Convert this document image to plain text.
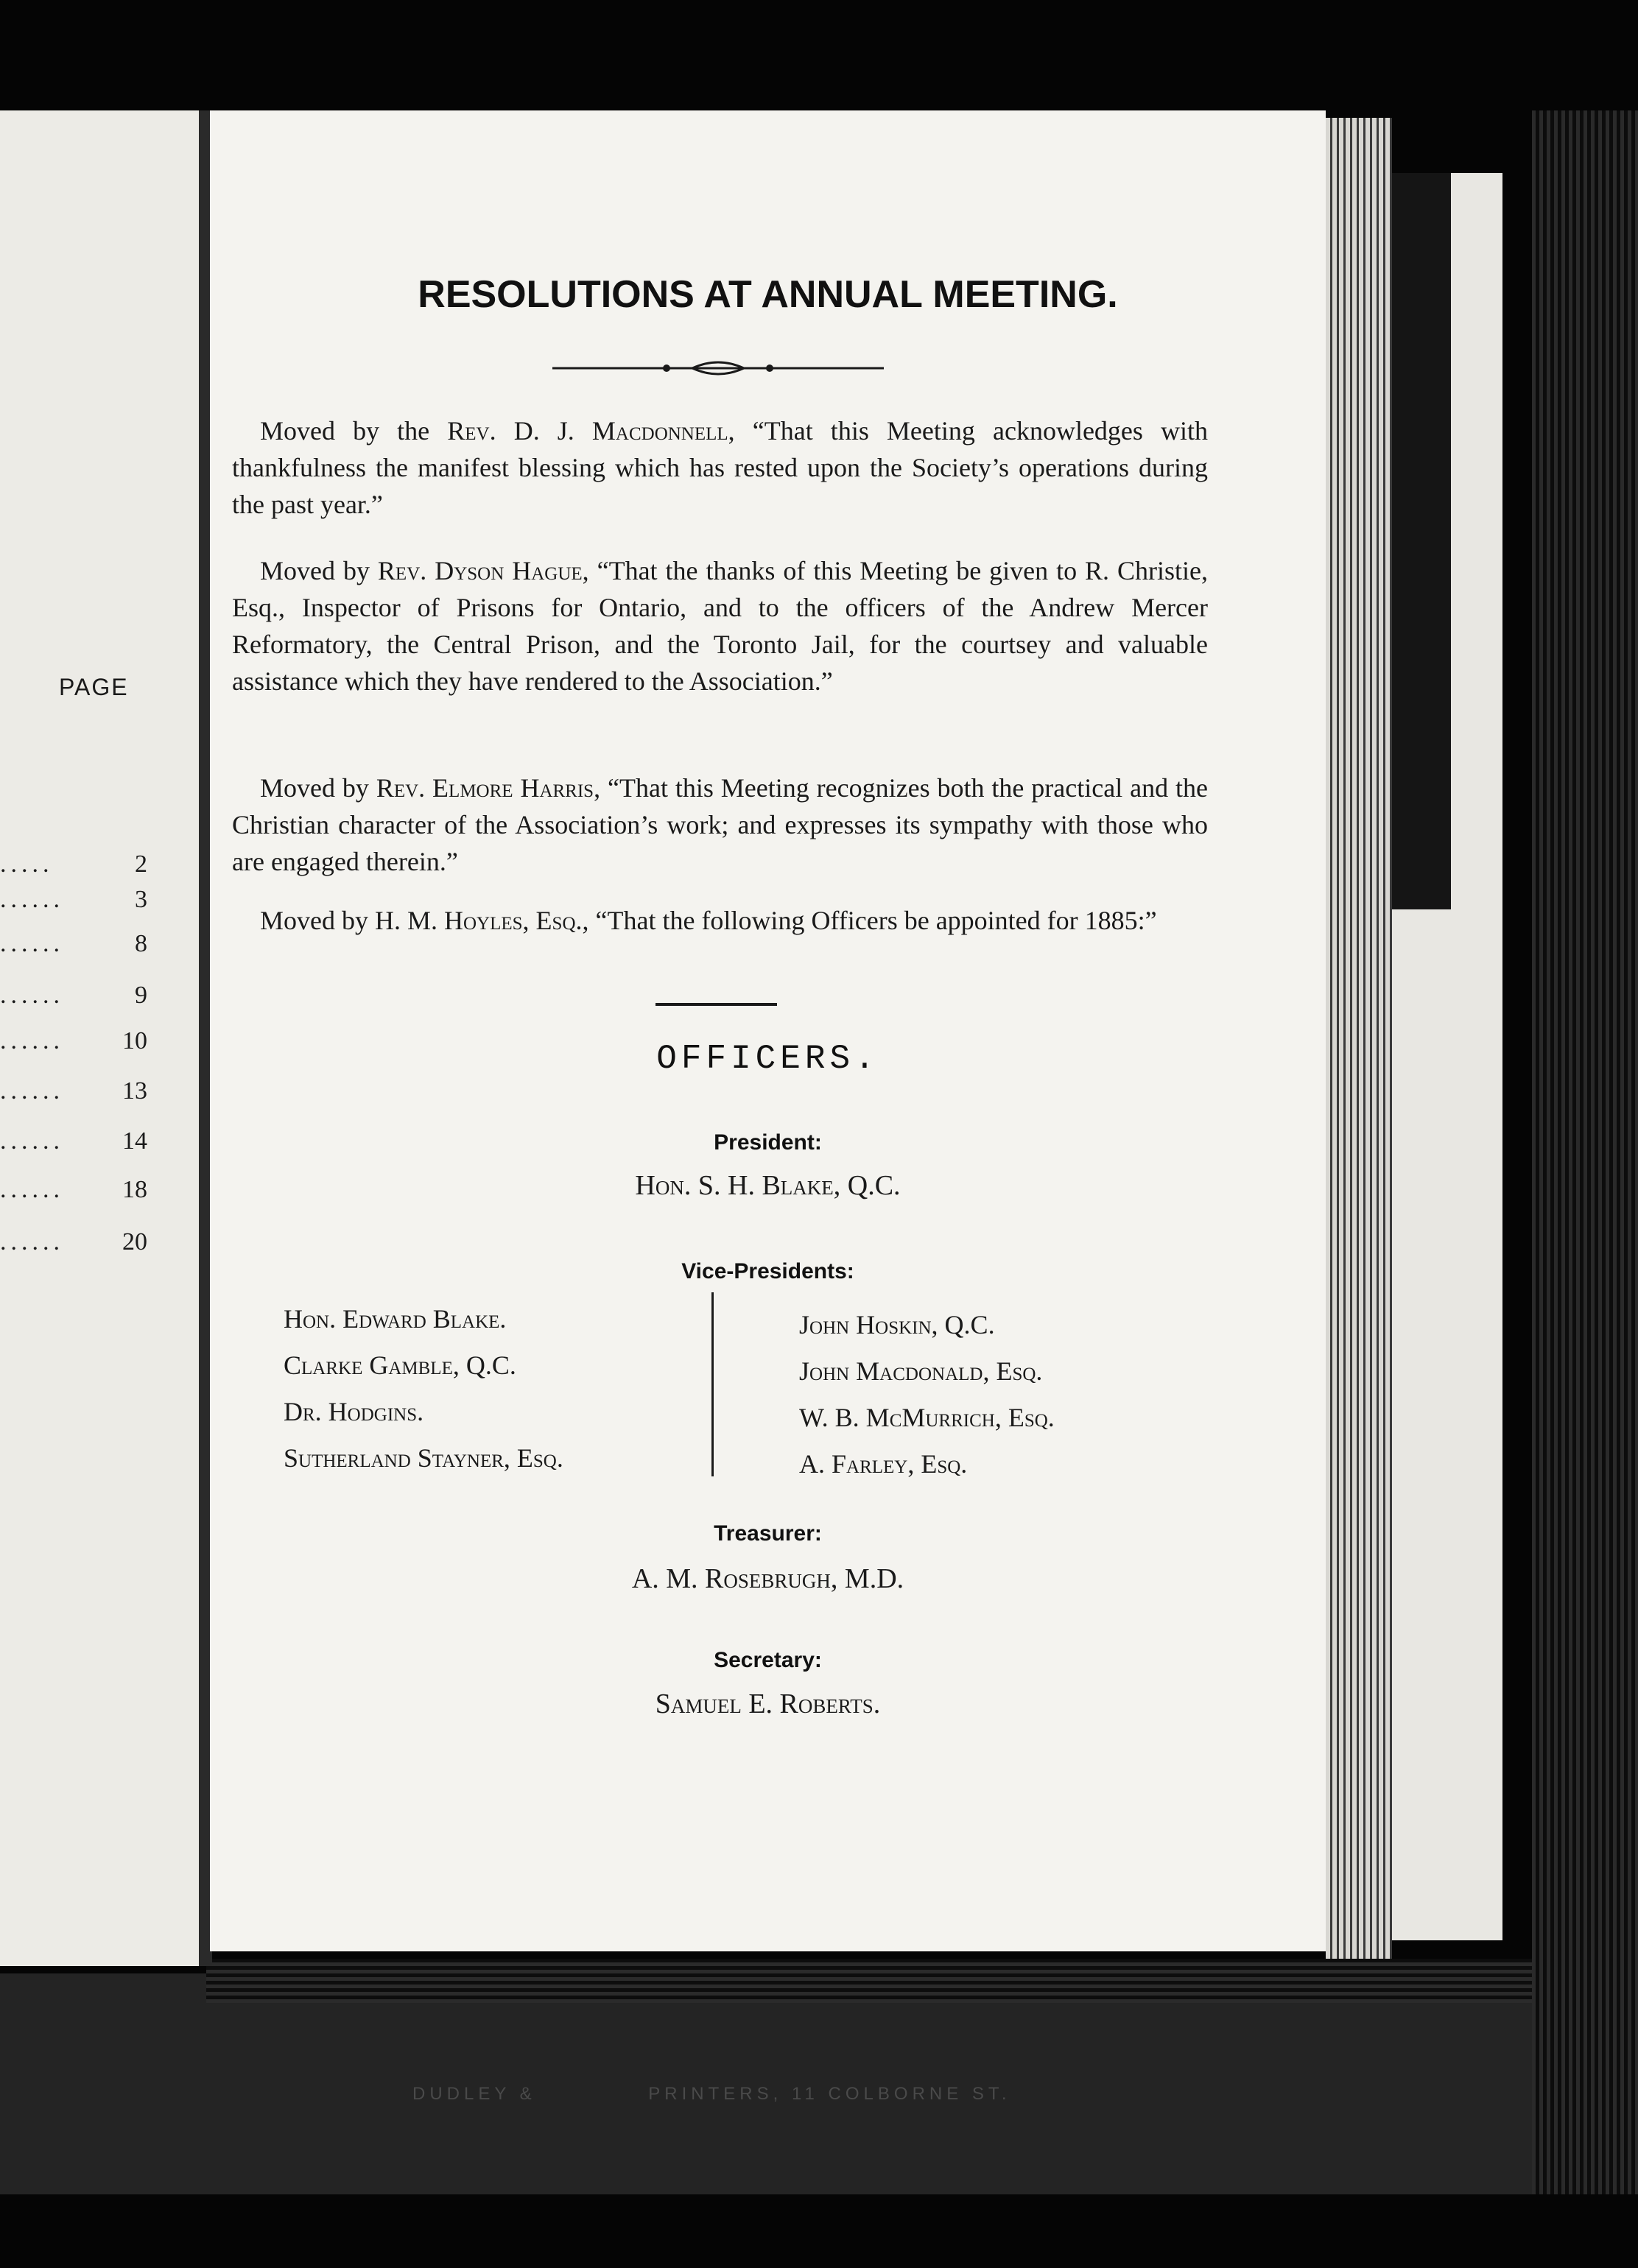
DUDLEY &	PRINTERS, 11 COLBORNE ST.
PAGE
.....	2
......	3
......	8
......	9
...... 10
...... 13
...... 14
...... 18
...... 20
RESOLUTIONS AT ANNUAL MEETING.

Moved by the Rev. D. J. Macdonnell, “That this Meeting acknowledges with thankfulness the manifest blessing which has rested upon the Society’s operations during the past year.”

Moved by Rev. Dyson Hague, “That the thanks of this Meeting be given to R. Christie, Esq., Inspector of Prisons for Ontario, and to the officers of the Andrew Mercer Reformatory, the Central Prison, and the Toronto Jail, for the courtsey and valuable assistance which they have rendered to the Association.”

Moved by Rev. Elmore Harris, “That this Meeting recognizes both the practical and the Christian character of the Association’s work; and expresses its sympathy with those who are engaged therein.”

Moved by H. M. Hoyles, Esq., “That the following Officers be appointed for 1885:”

OFFICERS.
President:
Hon. S. H. Blake, Q.C.
Vice-Presidents:
Hon. Edward Blake.
Clarke Gamble, Q.C.
Dr. Hodgins.
Sutherland Stayner, Esq.
John Hoskin, Q.C.
John Macdonald, Esq.
W. B. McMurrich, Esq.
A. Farley, Esq.
Treasurer:
A. M. Rosebrugh, M.D.
Secretary:
Samuel E. Roberts.
